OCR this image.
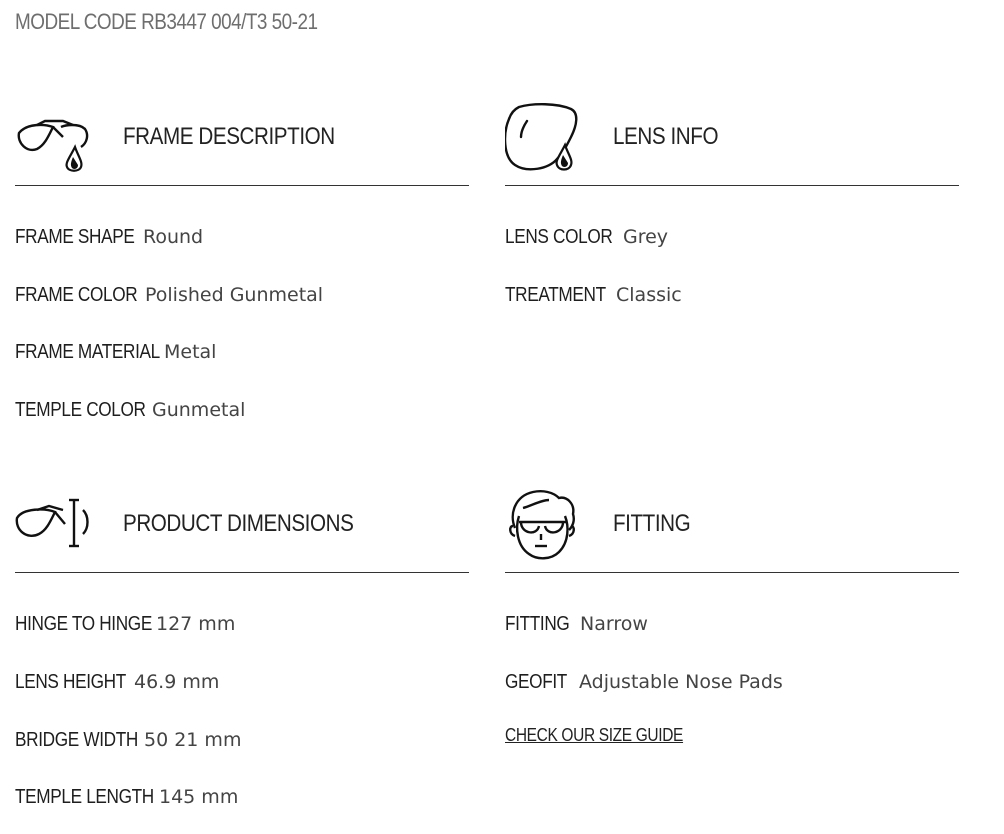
MODEL CODE RB3447 004/T3 50-21
FRAME DESCRIPTION
FRAME SHAPE Round
FRAME COLOR Polished Gunmetal
FRAME MATERIAL Metal
TEMPLE COLOR Gunmetal
LENS INFO
LENS COLOR Grey
TREATMENT Classic
PRODUCT DIMENSIONS
HINGE TO HINGE 127 mm
LENS HEIGHT 46.9 mm
BRIDGE WIDTH 50 21 mm
TEMPLE LENGTH 145 mm
FITTING
FITTING Narrow
GEOFIT Adjustable Nose Pads
CHECK OUR SIZE GUIDE
